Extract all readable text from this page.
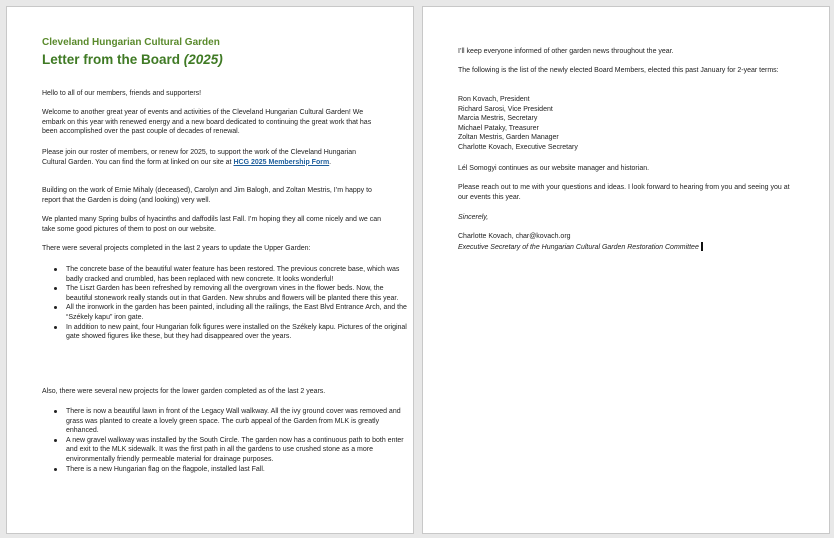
Cleveland Hungarian Cultural Garden
Letter from the Board (2025)

Hello to all of our members, friends and supporters!

Welcome to another great year of events and activities of the Cleveland Hungarian Cultural Garden! We embark on this year with renewed energy and a new board dedicated to continuing the great work that has been accomplished over the past couple of decades of renewal.

Please join our roster of members, or renew for 2025, to support the work of the Cleveland Hungarian Cultural Garden. You can find the form at linked on our site at HCG 2025 Membership Form.

Building on the work of Ernie Mihaly (deceased), Carolyn and Jim Balogh, and Zoltan Mestris, I’m happy to report that the Garden is doing (and looking) very well.

We planted many Spring bulbs of hyacinths and daffodils last Fall. I’m hoping they all come nicely and we can take some good pictures of them to post on our website.

There were several projects completed in the last 2 years to update the Upper Garden:

The concrete base of the beautiful water feature has been restored. The previous concrete base, which was badly cracked and crumbled, has been replaced with new concrete. It looks wonderful!
The Liszt Garden has been refreshed by removing all the overgrown vines in the flower beds. Now, the beautiful stonework really stands out in that Garden. New shrubs and flowers will be planted there this year.
All the ironwork in the garden has been painted, including all the railings, the East Blvd Entrance Arch, and the “Székely kapu” iron gate.
In addition to new paint, four Hungarian folk figures were installed on the Székely kapu. Pictures of the original gate showed figures like these, but they had disappeared over the years.

Also, there were several new projects for the lower garden completed as of the last 2 years.

There is now a beautiful lawn in front of the Legacy Wall walkway. All the ivy ground cover was removed and grass was planted to create a lovely green space. The curb appeal of the Garden from MLK is greatly enhanced.
A new gravel walkway was installed by the South Circle. The garden now has a continuous path to both enter and exit to the MLK sidewalk. It was the first path in all the gardens to use crushed stone as a more environmentally friendly permeable material for drainage purposes.
There is a new Hungarian flag on the flagpole, installed last Fall.

I’ll keep everyone informed of other garden news throughout the year.

The following is the list of the newly elected Board Members, elected this past January for 2-year terms:

Ron Kovach, President
Richard Sarosi, Vice President
Marcia Mestris, Secretary
Michael Pataky, Treasurer
Zoltan Mestris, Garden Manager
Charlotte Kovach, Executive Secretary

Lél Somogyi continues as our website manager and historian.

Please reach out to me with your questions and ideas. I look forward to hearing from you and seeing you at our events this year.

Sincerely,

Charlotte Kovach, char@kovach.org

Executive Secretary of the Hungarian Cultural Garden Restoration Committee
